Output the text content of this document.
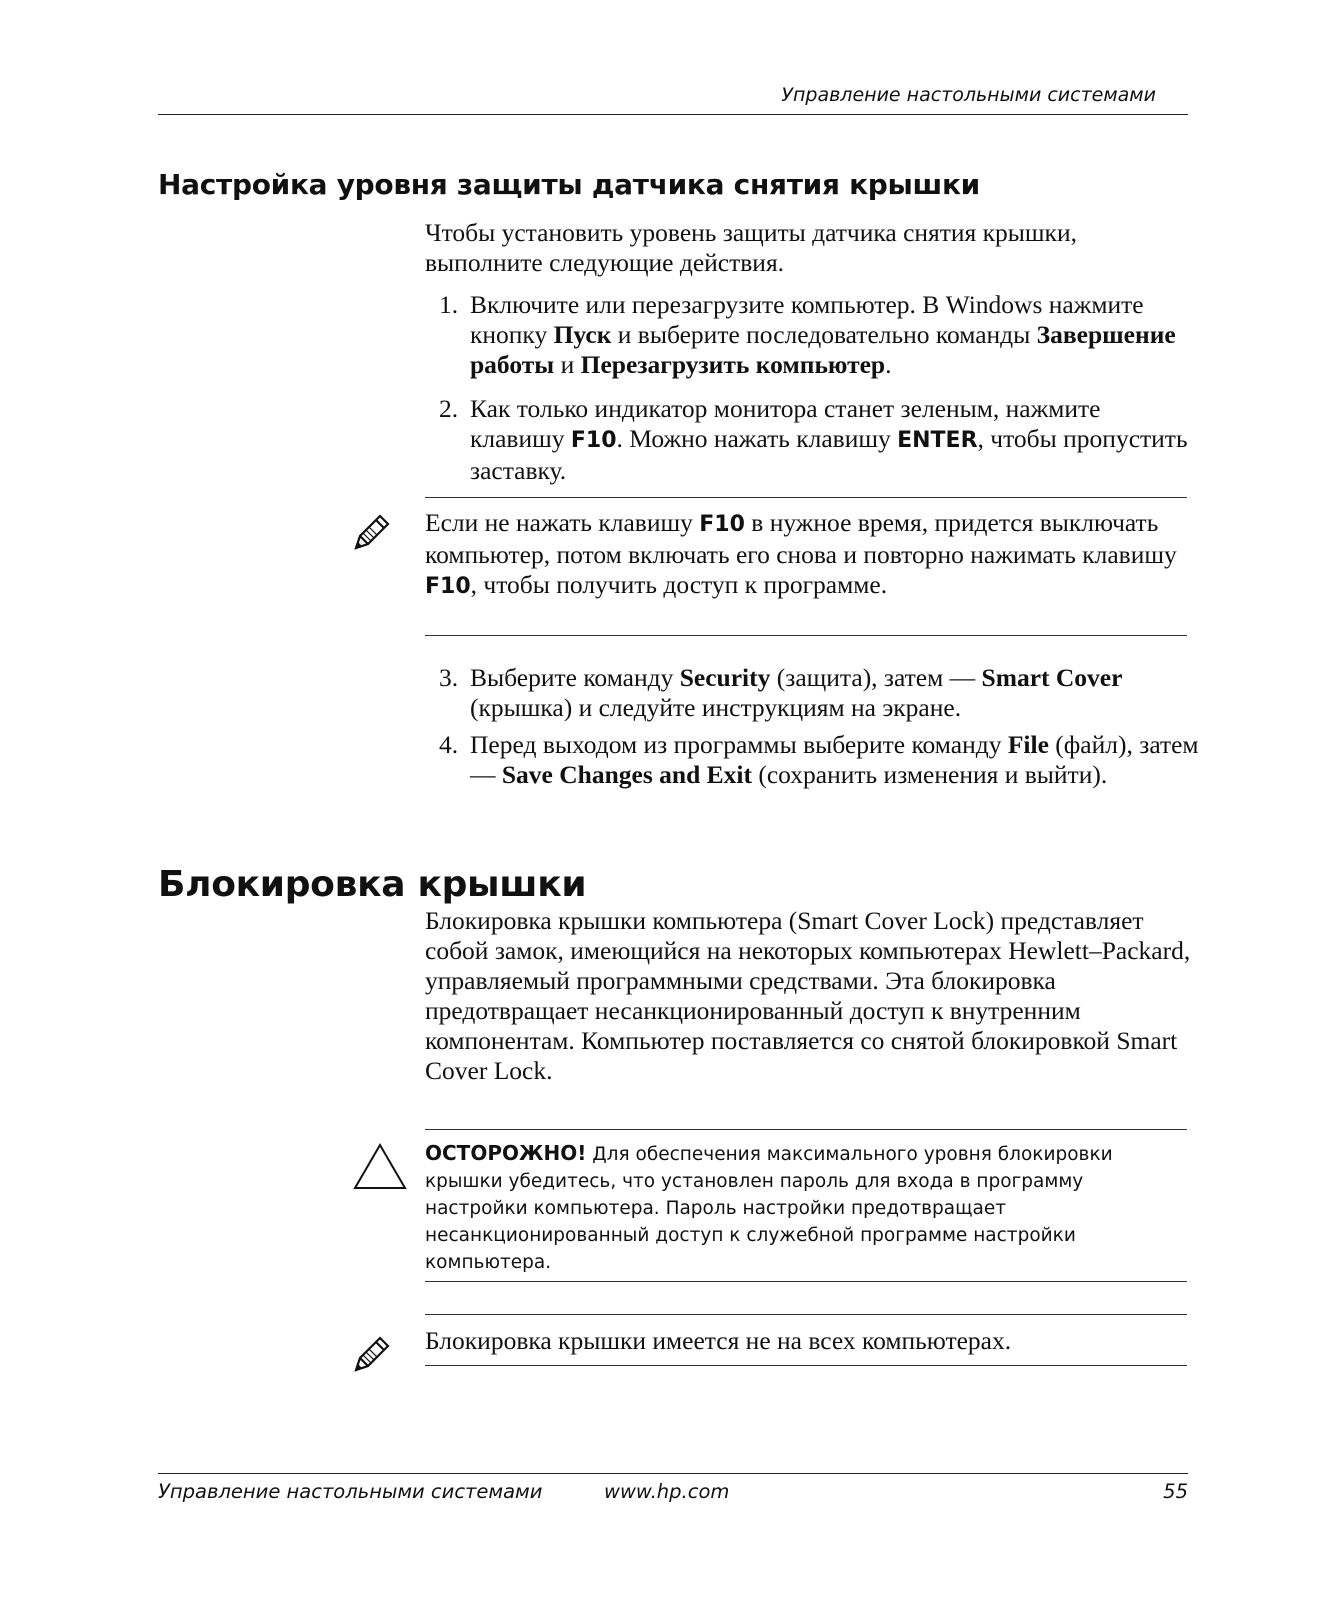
Управление настольными системами
Настройка уровня защиты датчика снятия крышки

Чтобы установить уровень защиты датчика снятия крышки, выполните следующие действия.

1. Включите или перезагрузите компьютер. В Windows нажмите кнопку Пуск и выберите последовательно команды Завершение работы и Перезагрузить компьютер.
2. Как только индикатор монитора станет зеленым, нажмите клавишу F10. Можно нажать клавишу ENTER, чтобы пропустить заставку.

Если не нажать клавишу F10 в нужное время, придется выключать компьютер, потом включать его снова и повторно нажимать клавишу F10, чтобы получить доступ к программе.

3. Выберите команду Security (защита), затем — Smart Cover (крышка) и следуйте инструкциям на экране.
4. Перед выходом из программы выберите команду File (файл), затем — Save Changes and Exit (сохранить изменения и выйти).
Блокировка крышки

Блокировка крышки компьютера (Smart Cover Lock) представляет собой замок, имеющийся на некоторых компьютерах Hewlett–Packard, управляемый программными средствами. Эта блокировка предотвращает несанкционированный доступ к внутренним компонентам. Компьютер поставляется со снятой блокировкой Smart Cover Lock.

ОСТОРОЖНО! Для обеспечения максимального уровня блокировки крышки убедитесь, что установлен пароль для входа в программу настройки компьютера. Пароль настройки предотвращает несанкционированный доступ к служебной программе настройки компьютера.

Блокировка крышки имеется не на всех компьютерах.

Управление настольными системами	www.hp.com	55
